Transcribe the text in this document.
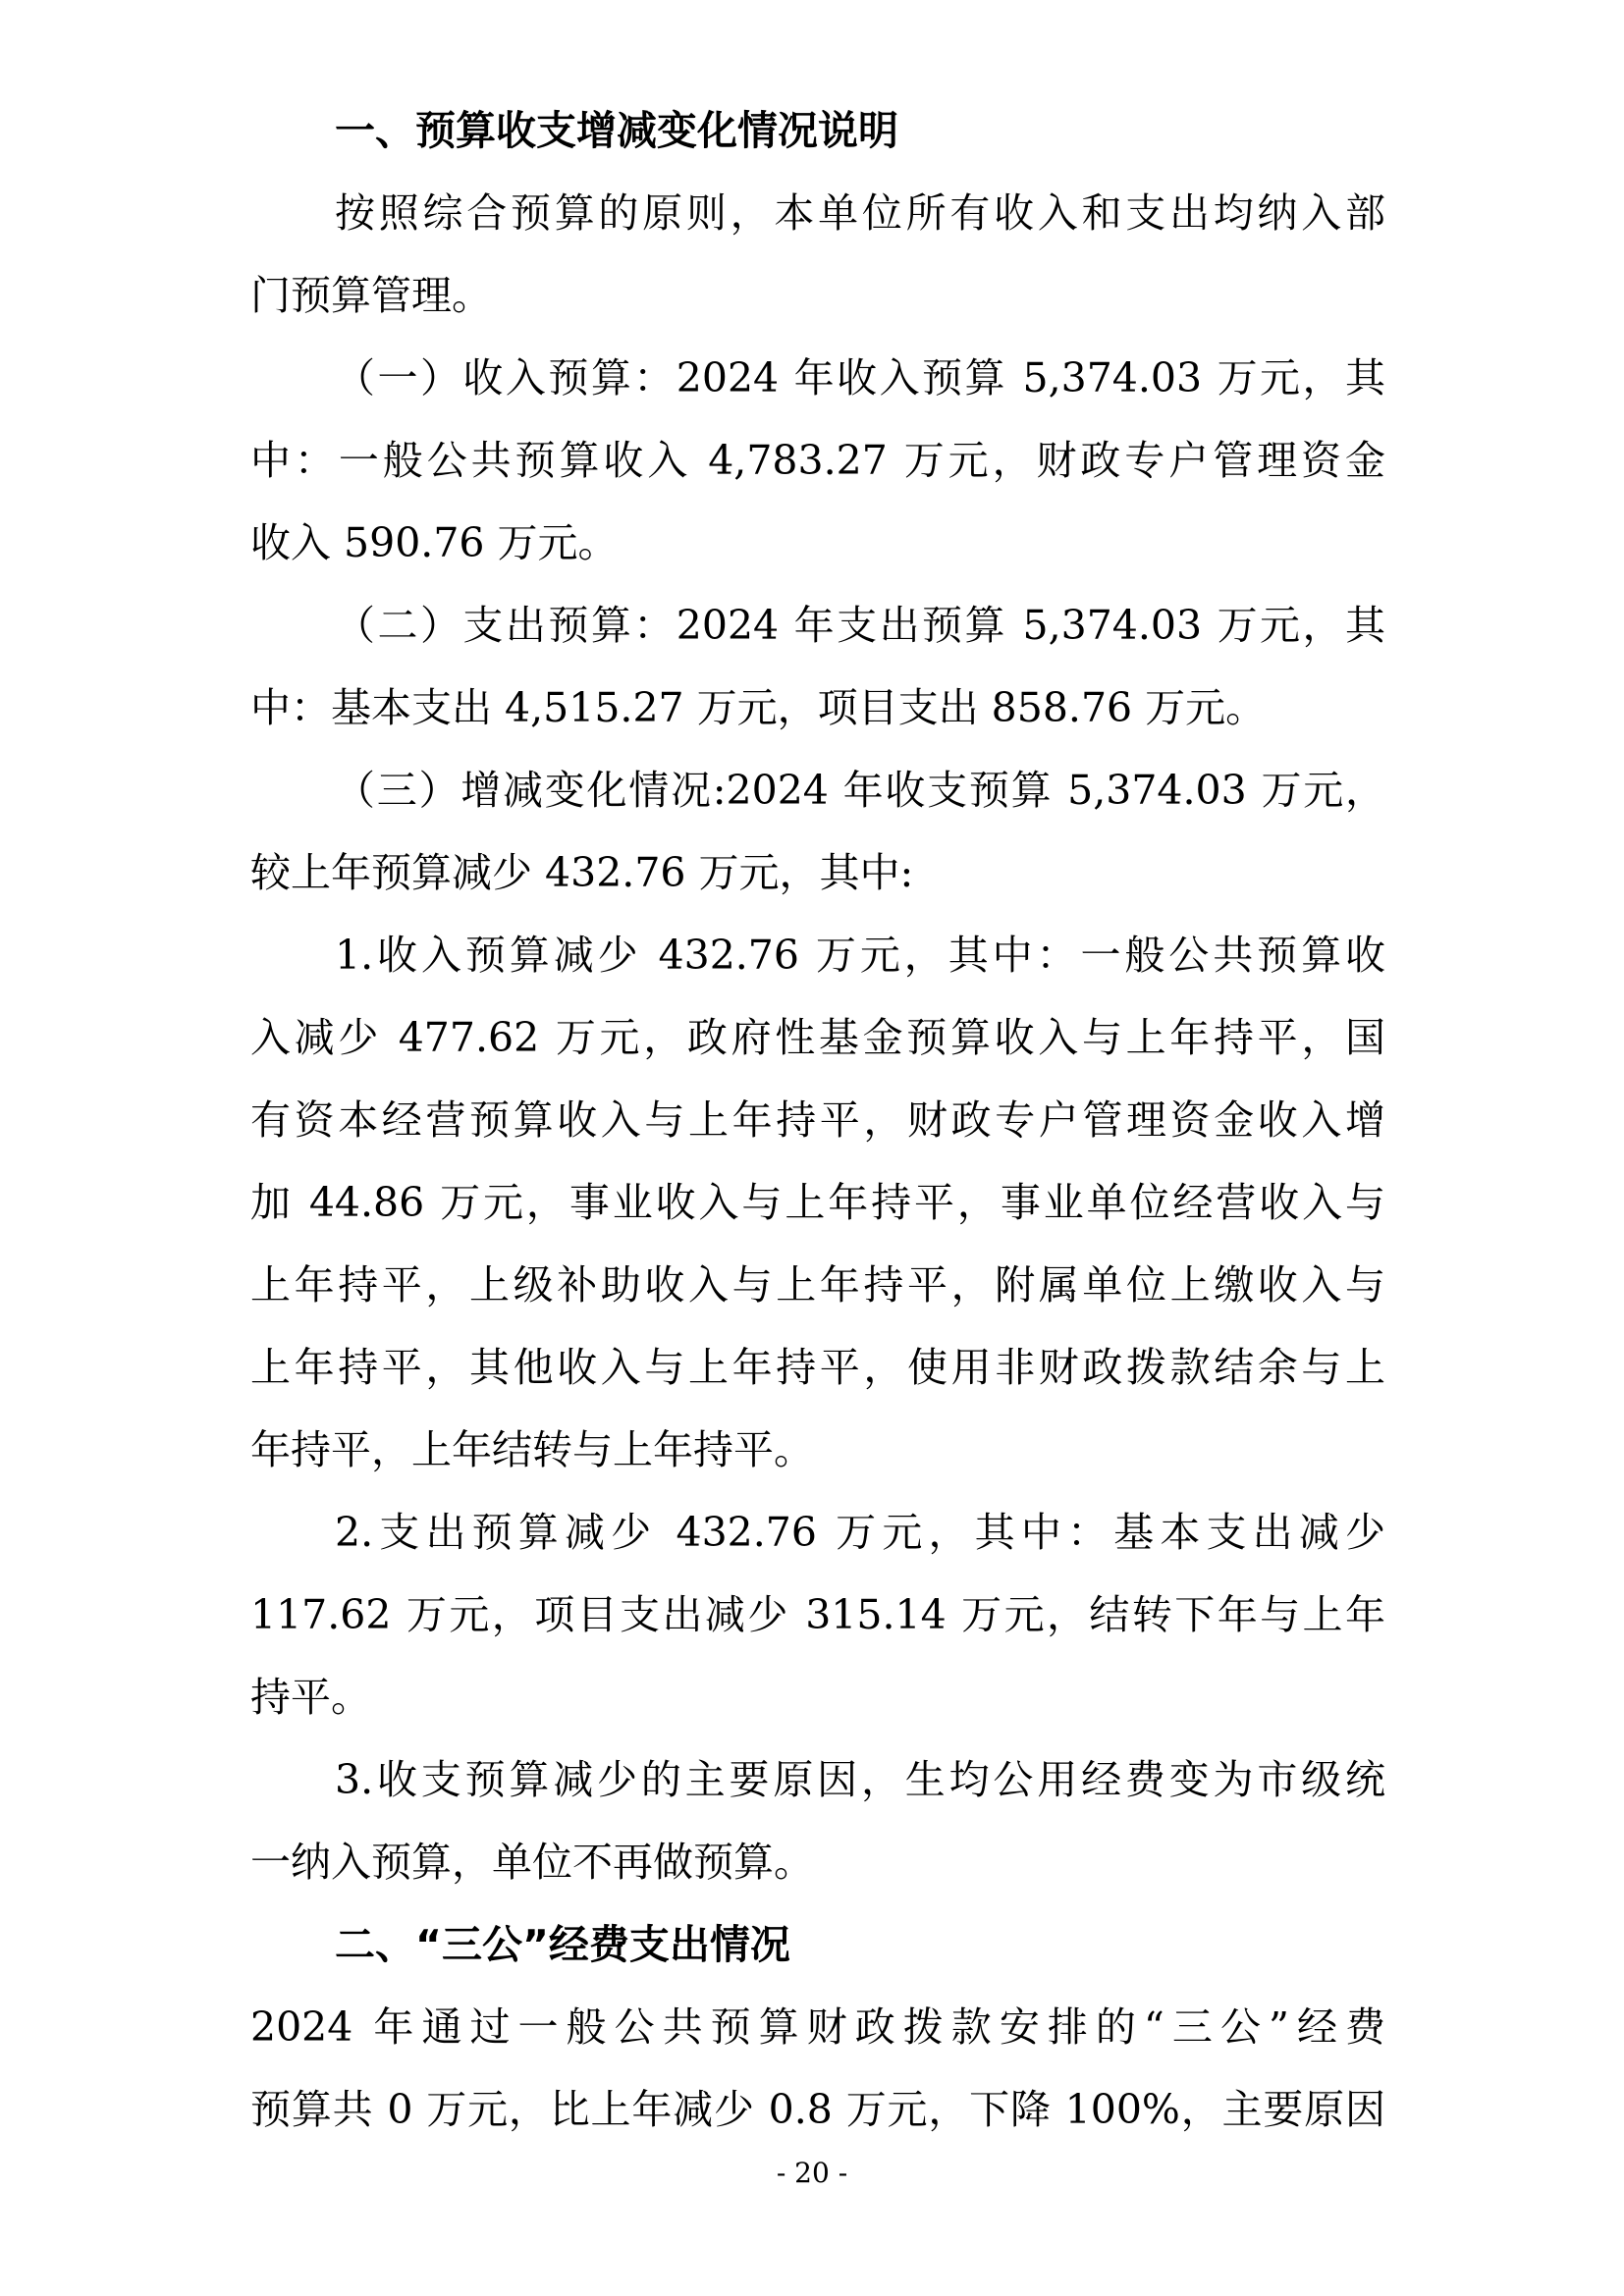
一、预算收支增减变化情况说明

按照综合预算的原则，本单位所有收入和支出均纳入部

门预算管理。

（一）收入预算：2024 年收入预算 5,374.03 万元，其

中：一般公共预算收入 4,783.27 万元，财政专户管理资金

收入 590.76 万元。

（二）支出预算：2024 年支出预算 5,374.03 万元，其

中：基本支出 4,515.27 万元，项目支出 858.76 万元。

（三）增减变化情况:2024 年收支预算 5,374.03 万元，

较上年预算减少 432.76 万元，其中:

1.收入预算减少 432.76 万元，其中：一般公共预算收

入减少 477.62 万元，政府性基金预算收入与上年持平，国

有资本经营预算收入与上年持平，财政专户管理资金收入增

加 44.86 万元，事业收入与上年持平，事业单位经营收入与

上年持平，上级补助收入与上年持平，附属单位上缴收入与

上年持平，其他收入与上年持平，使用非财政拨款结余与上

年持平，上年结转与上年持平。

2.支出预算减少 432.76 万元，其中：基本支出减少

117.62 万元，项目支出减少 315.14 万元，结转下年与上年

持平。

3.收支预算减少的主要原因，生均公用经费变为市级统

一纳入预算，单位不再做预算。

二、“三公”经费支出情况

2024 年通过一般公共预算财政拨款安排的“三公”经费

预算共 0 万元，比上年减少 0.8 万元，下降 100%，主要原因

- 20 -
